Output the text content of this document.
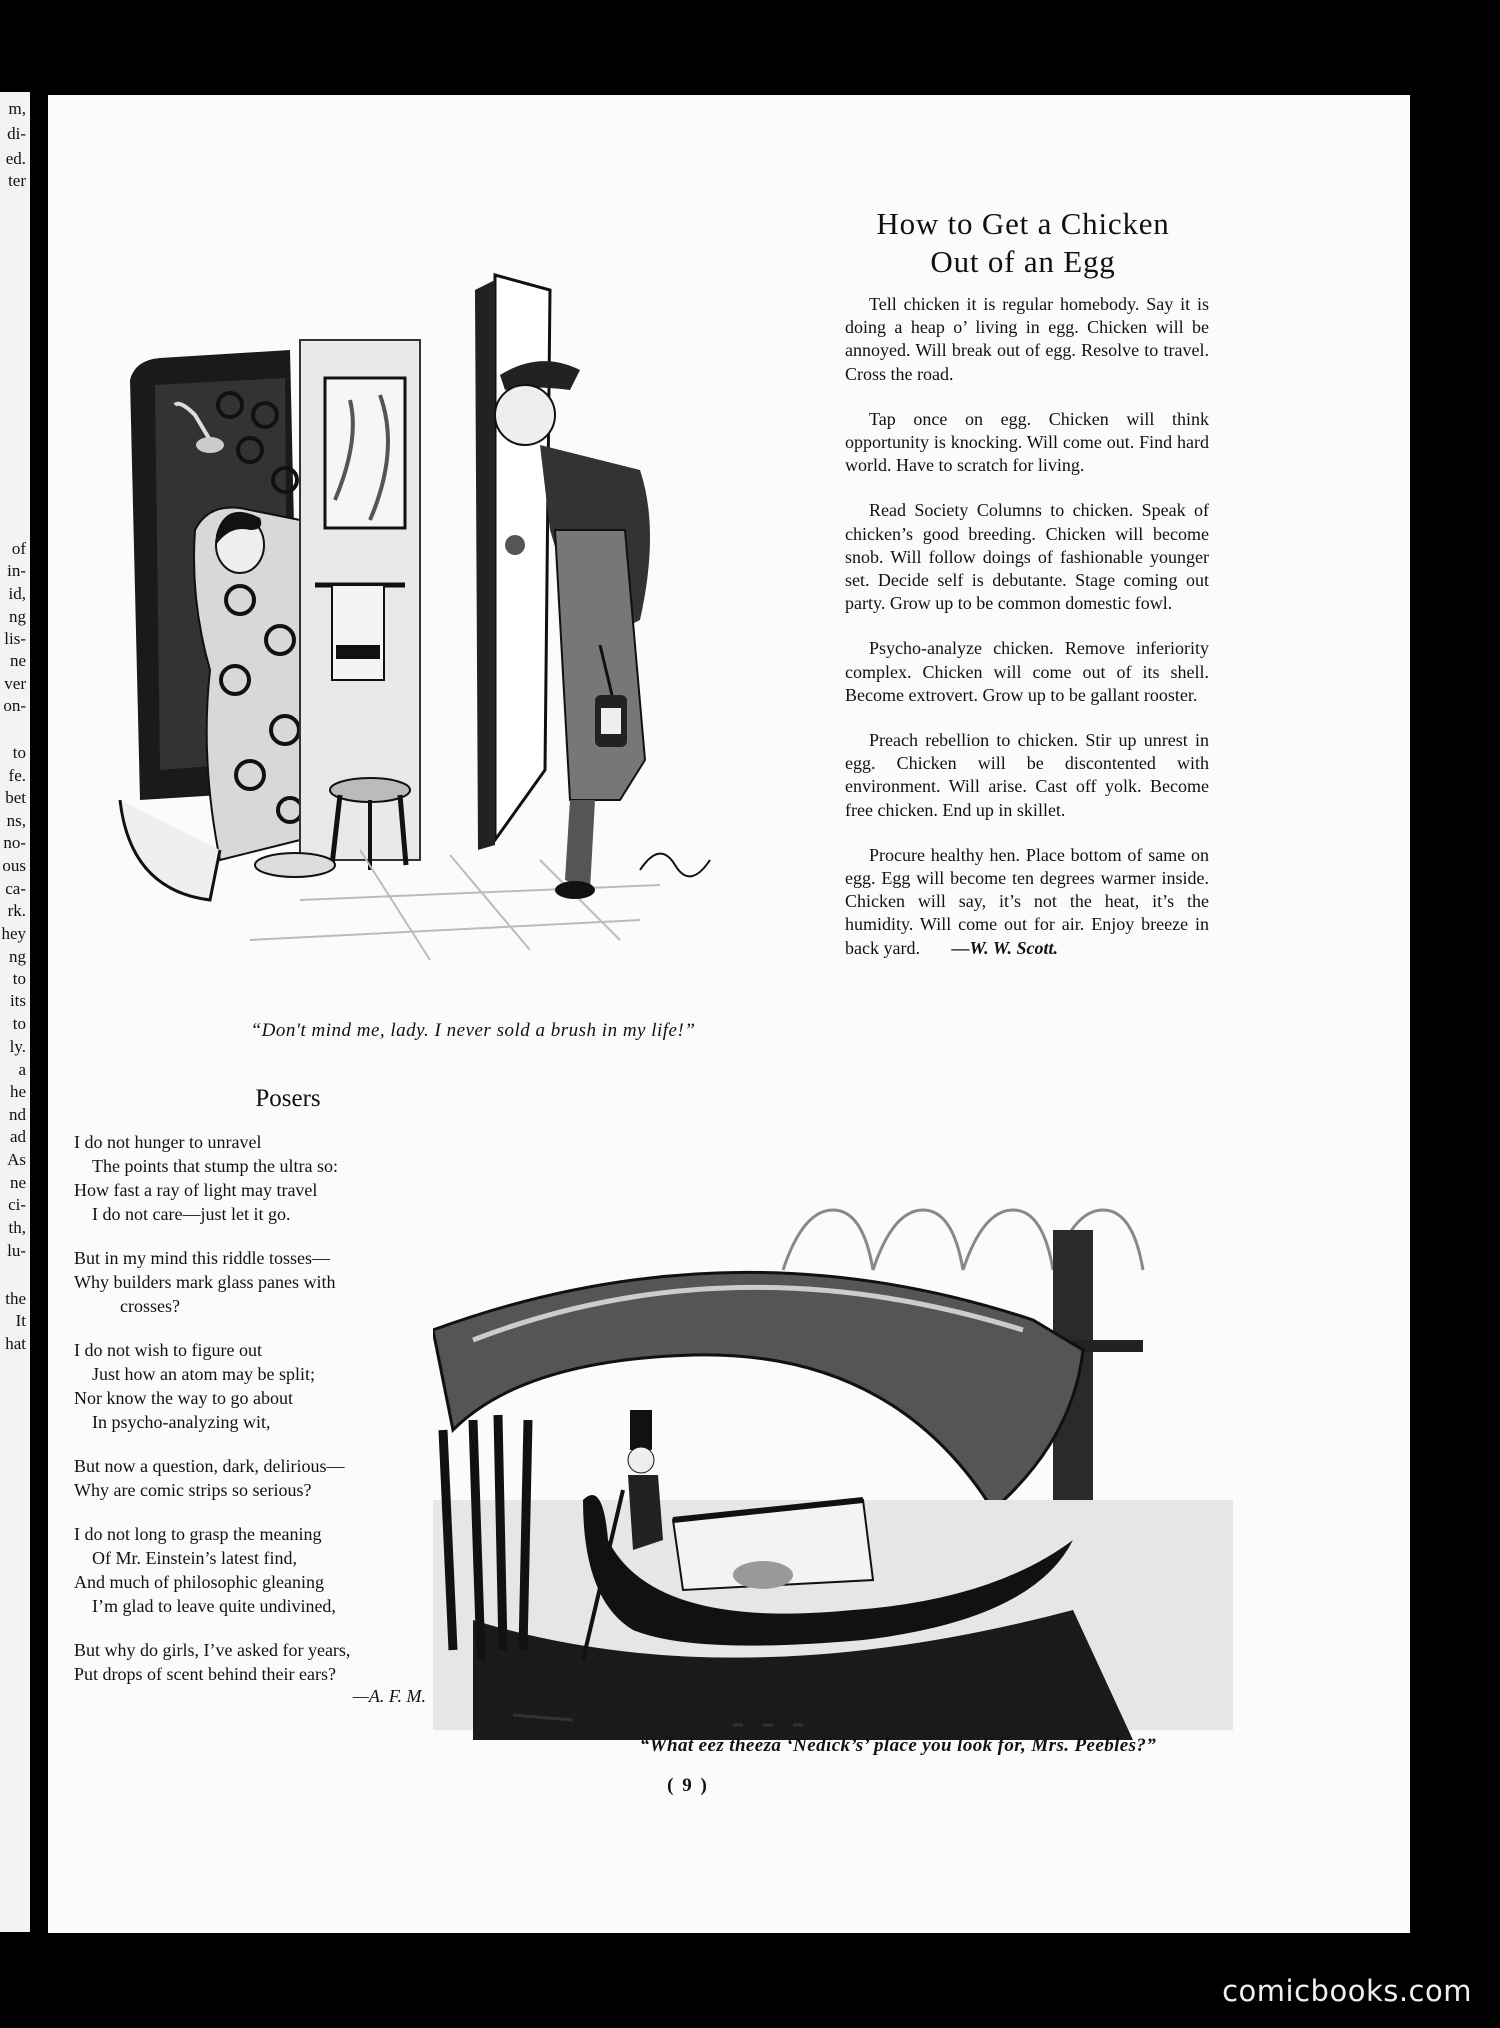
m,
di-
ed.
ter
of
in-
id,
ng
lis-
ne
ver
on-
to
fe.
bet
ns,
no-
ous
ca-
rk.
hey
ng
to
its
to
ly.
a
he
nd
ad
As
ne
ci-
th,
lu-
the
It
hat
“Don't mind me, lady. I never sold a brush in my life!”
How to Get a Chicken
Out of an Egg

Tell chicken it is regular homebody. Say it is doing a heap o’ living in egg. Chicken will be annoyed. Will break out of egg. Resolve to travel. Cross the road.

Tap once on egg. Chicken will think opportunity is knocking. Will come out. Find hard world. Have to scratch for living.

Read Society Columns to chicken. Speak of chicken’s good breeding. Chicken will become snob. Will follow doings of fashionable younger set. Decide self is debutante. Stage coming out party. Grow up to be common domestic fowl.

Psycho-analyze chicken. Remove inferiority complex. Chicken will come out of its shell. Become extrovert. Grow up to be gallant rooster.

Preach rebellion to chicken. Stir up unrest in egg. Chicken will be discontented with environment. Will arise. Cast off yolk. Become free chicken. End up in skillet.

Procure healthy hen. Place bottom of same on egg. Egg will become ten degrees warmer inside. Chicken will say, it’s not the heat, it’s the humidity. Will come out for air. Enjoy breeze in back yard. —W. W. Scott.

Posers
I do not hunger to unravel
The points that stump the ultra so:
How fast a ray of light may travel
I do not care—just let it go.
But in my mind this riddle tosses—
Why builders mark glass panes with
crosses?
I do not wish to figure out
Just how an atom may be split;
Nor know the way to go about
In psycho-analyzing wit,
But now a question, dark, delirious—
Why are comic strips so serious?
I do not long to grasp the meaning
Of Mr. Einstein’s latest find,
And much of philosophic gleaning
I’m glad to leave quite undivined,
But why do girls, I’ve asked for years,
Put drops of scent behind their ears?
—A. F. M.
“What eez theeza ‘Nedick’s’ place you look for, Mrs. Peebles?”
( 9 )
comicbooks.com
